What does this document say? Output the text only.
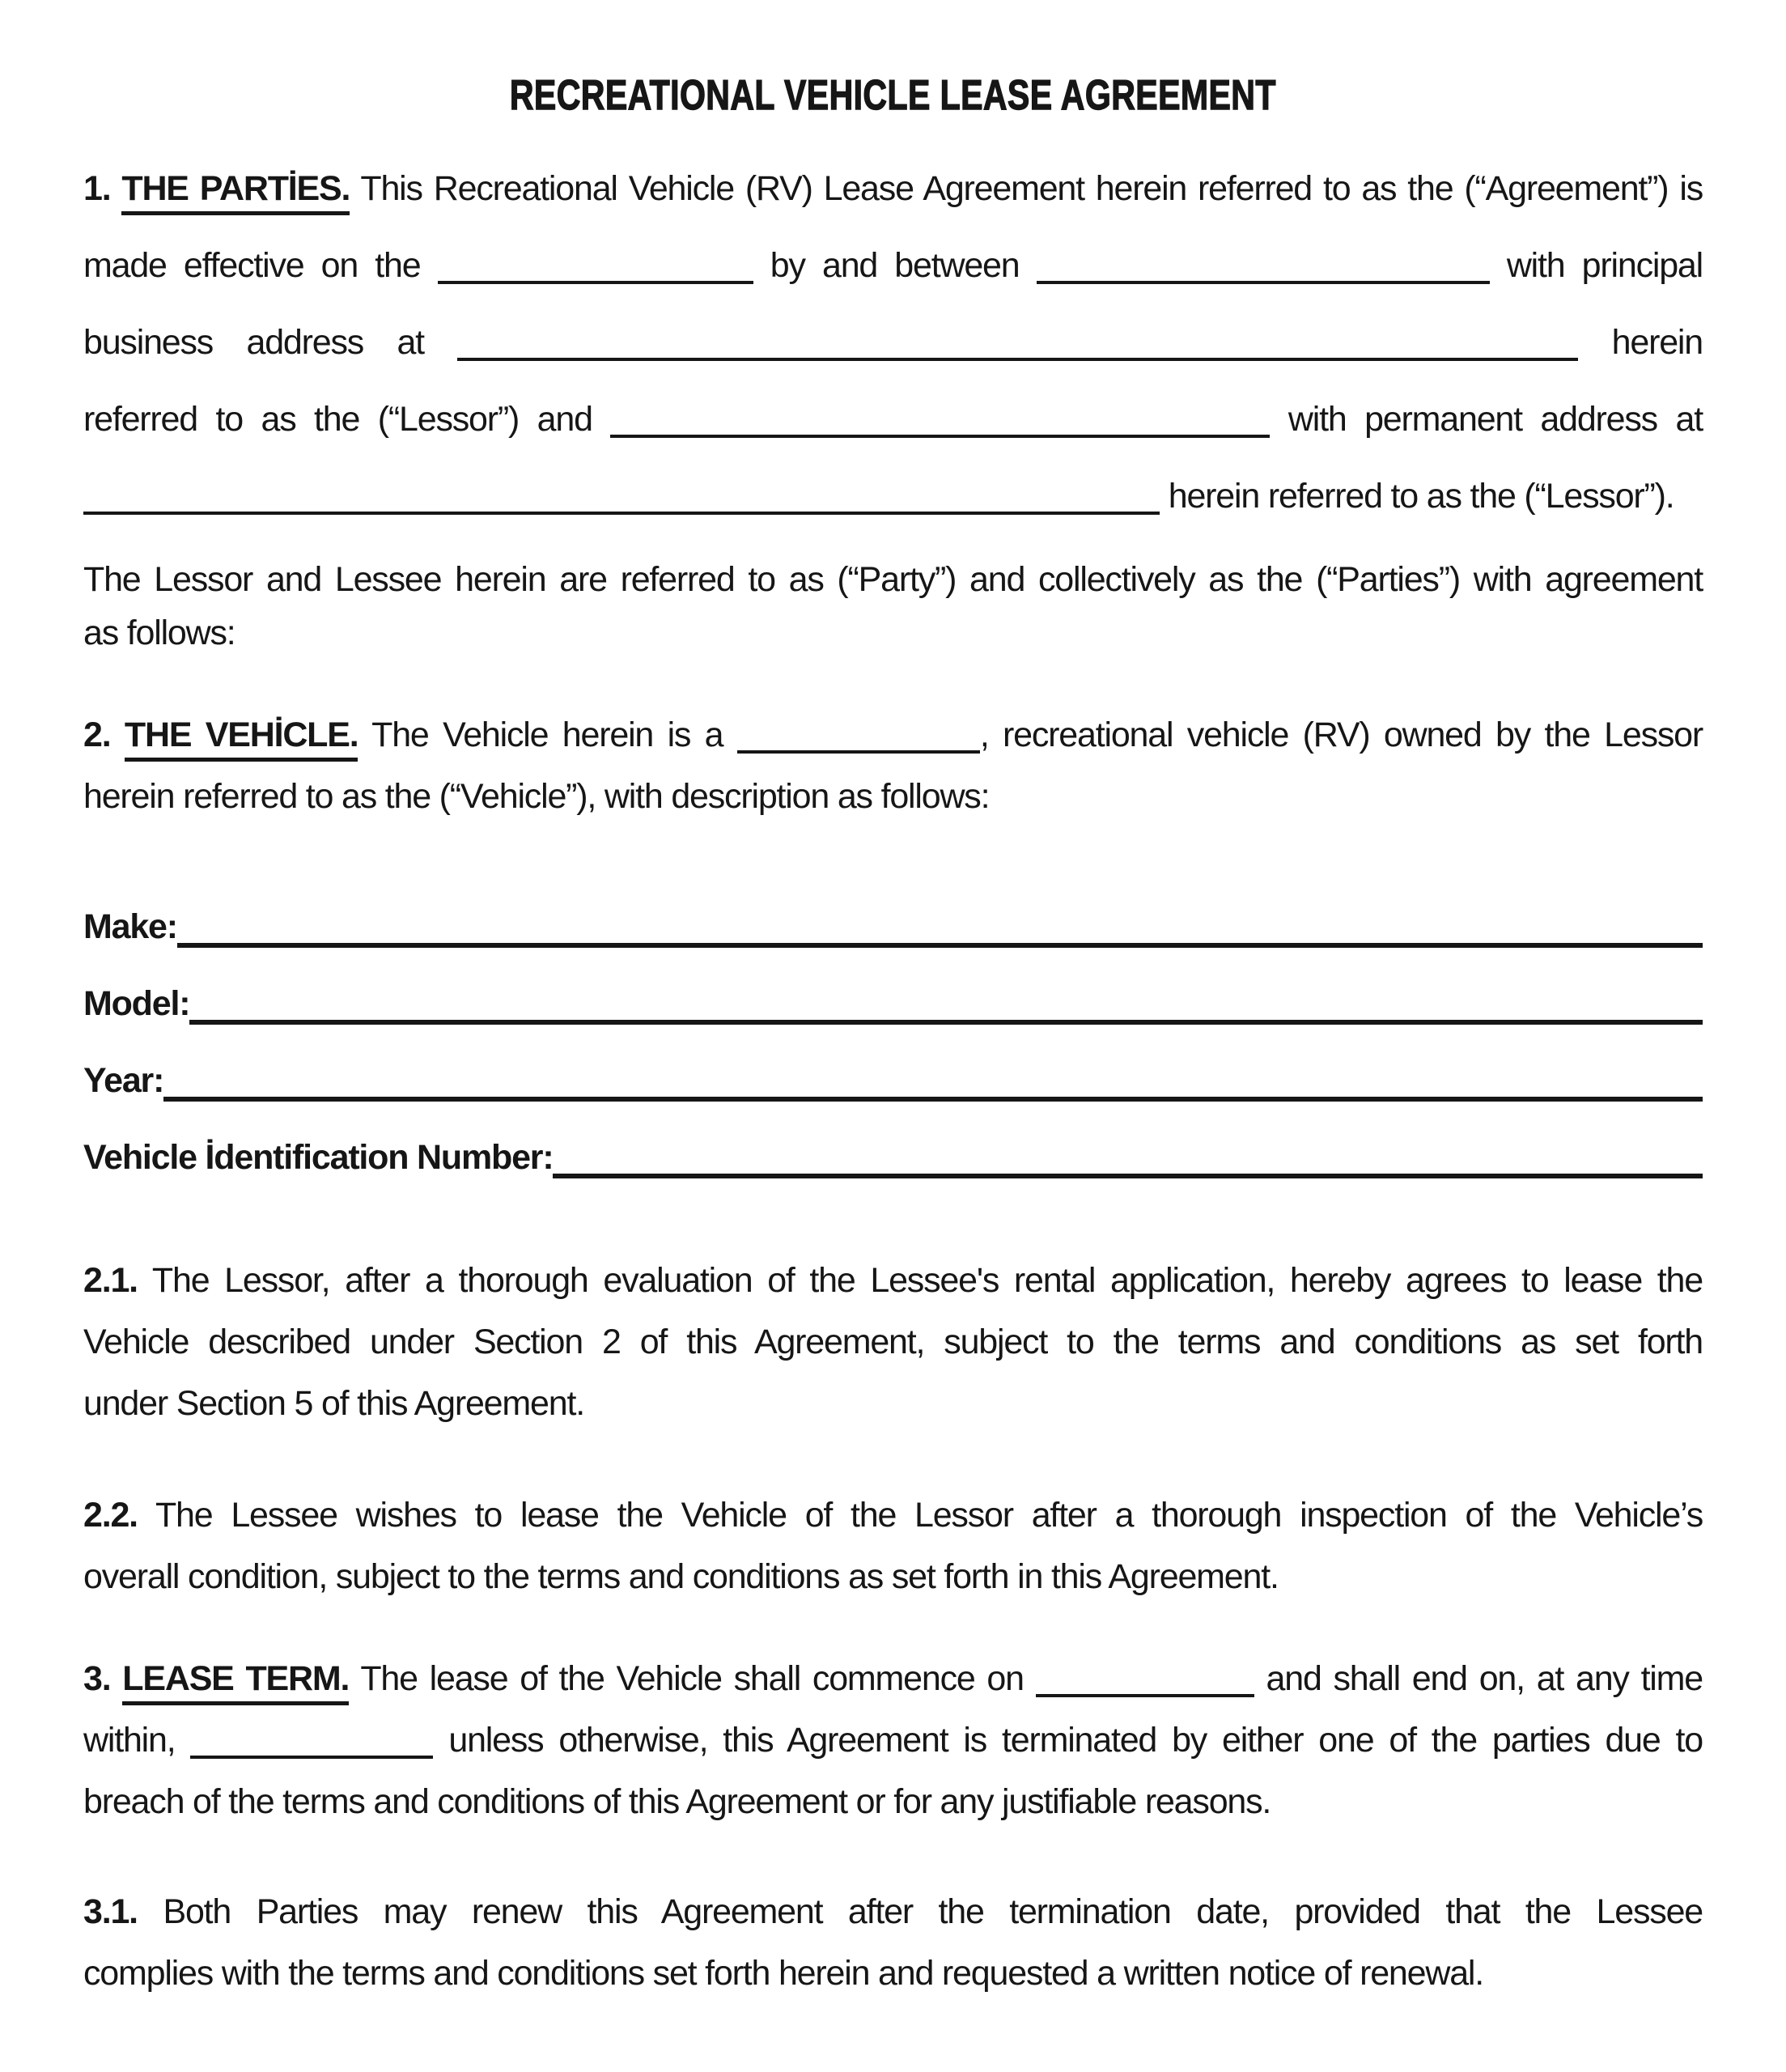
RECREATIONAL VEHICLE LEASE AGREEMENT
1. THE PARTİES. This Recreational Vehicle (RV) Lease Agreement herein referred to as the (“Agreement”) is
made effective on the	by and between	with principal
business address at	herein
referred to as the (“Lessor”) and	with permanent address at
herein referred to as the (“Lessor”).
The Lessor and Lessee herein are referred to as (“Party”) and collectively as the (“Parties”) with agreement
as follows:
2. THE VEHİCLE. The Vehicle herein is a	, recreational vehicle (RV) owned by the Lessor
herein referred to as the (“Vehicle”), with description as follows:
Make:
Model:
Year:
Vehicle İdentification Number:
2.1. The Lessor, after a thorough evaluation of the Lessee's rental application, hereby agrees to lease the
Vehicle described under Section 2 of this Agreement, subject to the terms and conditions as set forth
under Section 5 of this Agreement.
2.2. The Lessee wishes to lease the Vehicle of the Lessor after a thorough inspection of the Vehicle’s
overall condition, subject to the terms and conditions as set forth in this Agreement.
3. LEASE TERM. The lease of the Vehicle shall commence on	and shall end on, at any time
within,	unless otherwise, this Agreement is terminated by either one of the parties due to
breach of the terms and conditions of this Agreement or for any justifiable reasons.
3.1. Both Parties may renew this Agreement after the termination date, provided that the Lessee
complies with the terms and conditions set forth herein and requested a written notice of renewal.
